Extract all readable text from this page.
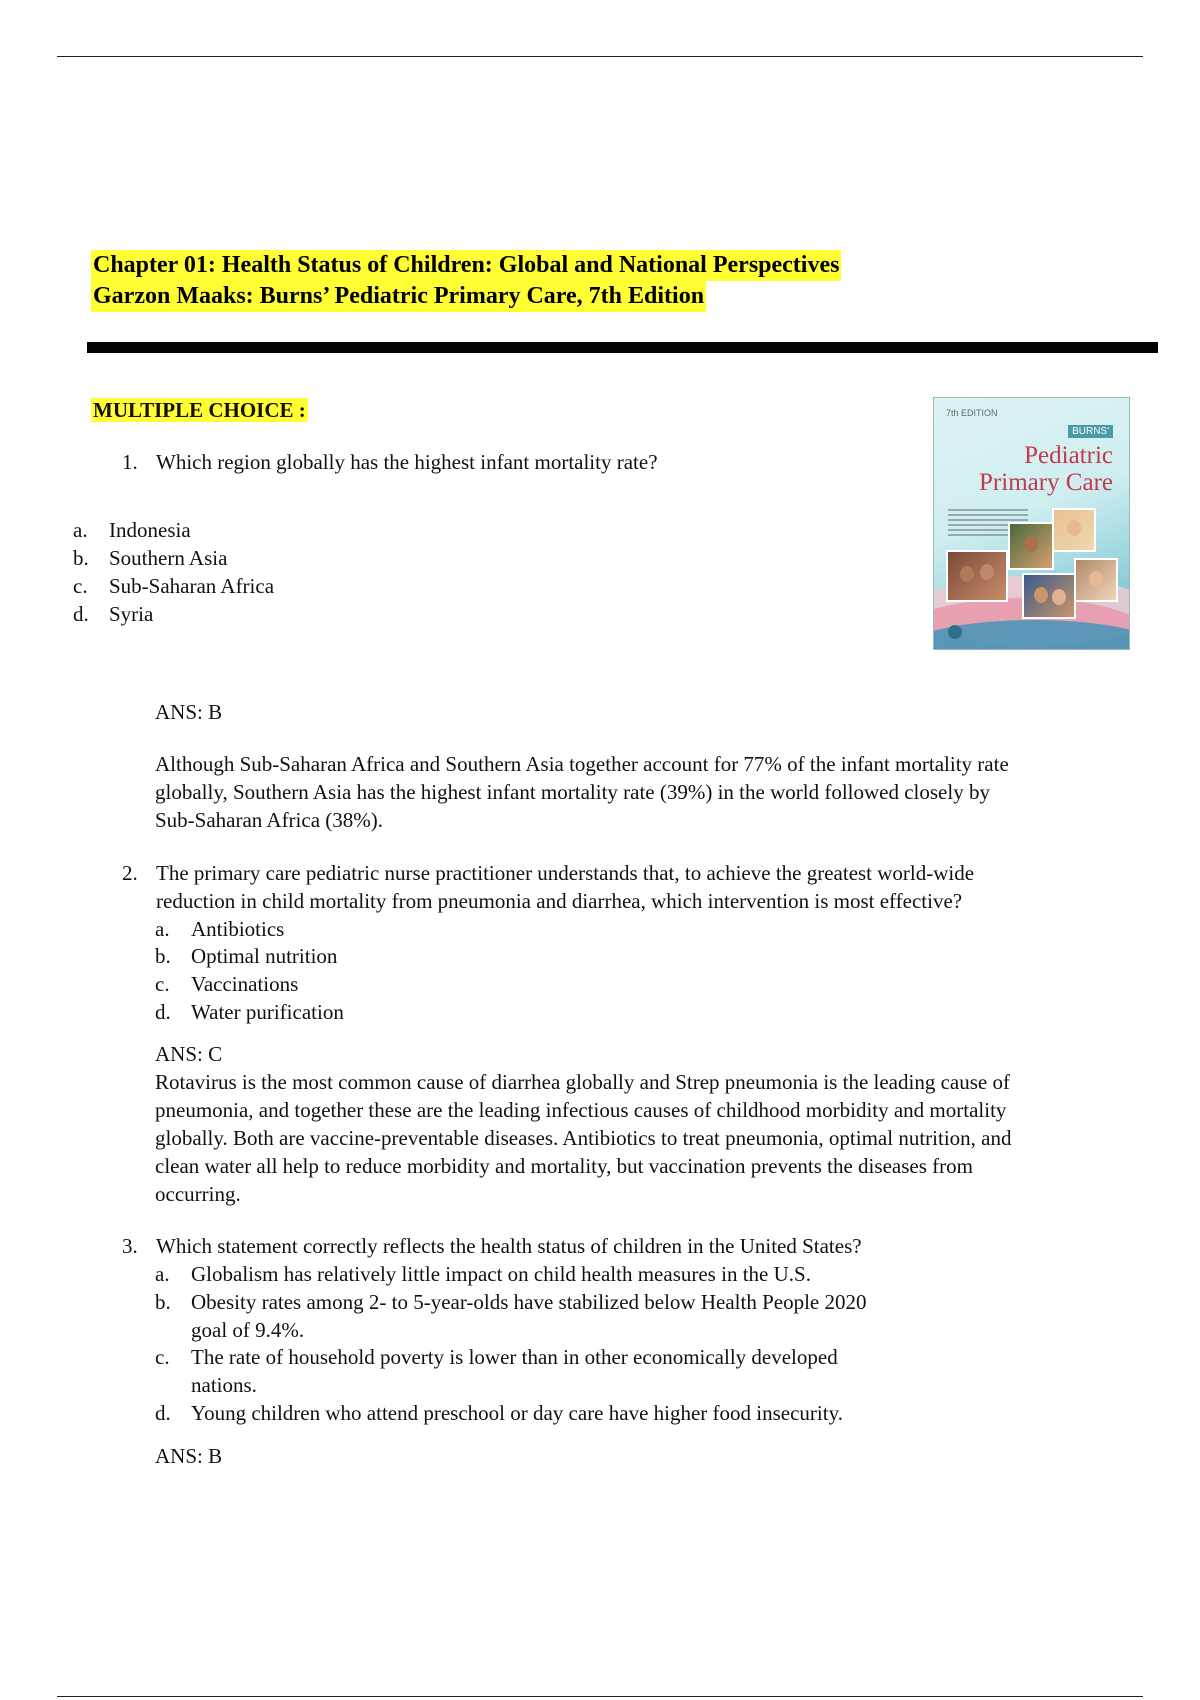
Chapter 01: Health Status of Children: Global and National Perspectives
Garzon Maaks: Burns’ Pediatric Primary Care, 7th Edition
MULTIPLE CHOICE :	7th EDITION
BURNS'
Pediatric
Primary Care
1. Which region globally has the highest infant mortality rate?
a. Indonesia
b. Southern Asia
c. Sub-Saharan Africa
d. Syria
ANS: B
Although Sub-Saharan Africa and Southern Asia together account for 77% of the infant mortality rate
globally, Southern Asia has the highest infant mortality rate (39%) in the world followed closely by
Sub-Saharan Africa (38%).
2. The primary care pediatric nurse practitioner understands that, to achieve the greatest world-wide
reduction in child mortality from pneumonia and diarrhea, which intervention is most effective?
a. Antibiotics
b. Optimal nutrition
c. Vaccinations
d. Water purification
ANS: C
Rotavirus is the most common cause of diarrhea globally and Strep pneumonia is the leading cause of
pneumonia, and together these are the leading infectious causes of childhood morbidity and mortality
globally. Both are vaccine-preventable diseases. Antibiotics to treat pneumonia, optimal nutrition, and
clean water all help to reduce morbidity and mortality, but vaccination prevents the diseases from
occurring.
3. Which statement correctly reflects the health status of children in the United States?
a. Globalism has relatively little impact on child health measures in the U.S.
b. Obesity rates among 2- to 5-year-olds have stabilized below Health People 2020
goal of 9.4%.
c. The rate of household poverty is lower than in other economically developed
nations.
d. Young children who attend preschool or day care have higher food insecurity.
ANS: B
